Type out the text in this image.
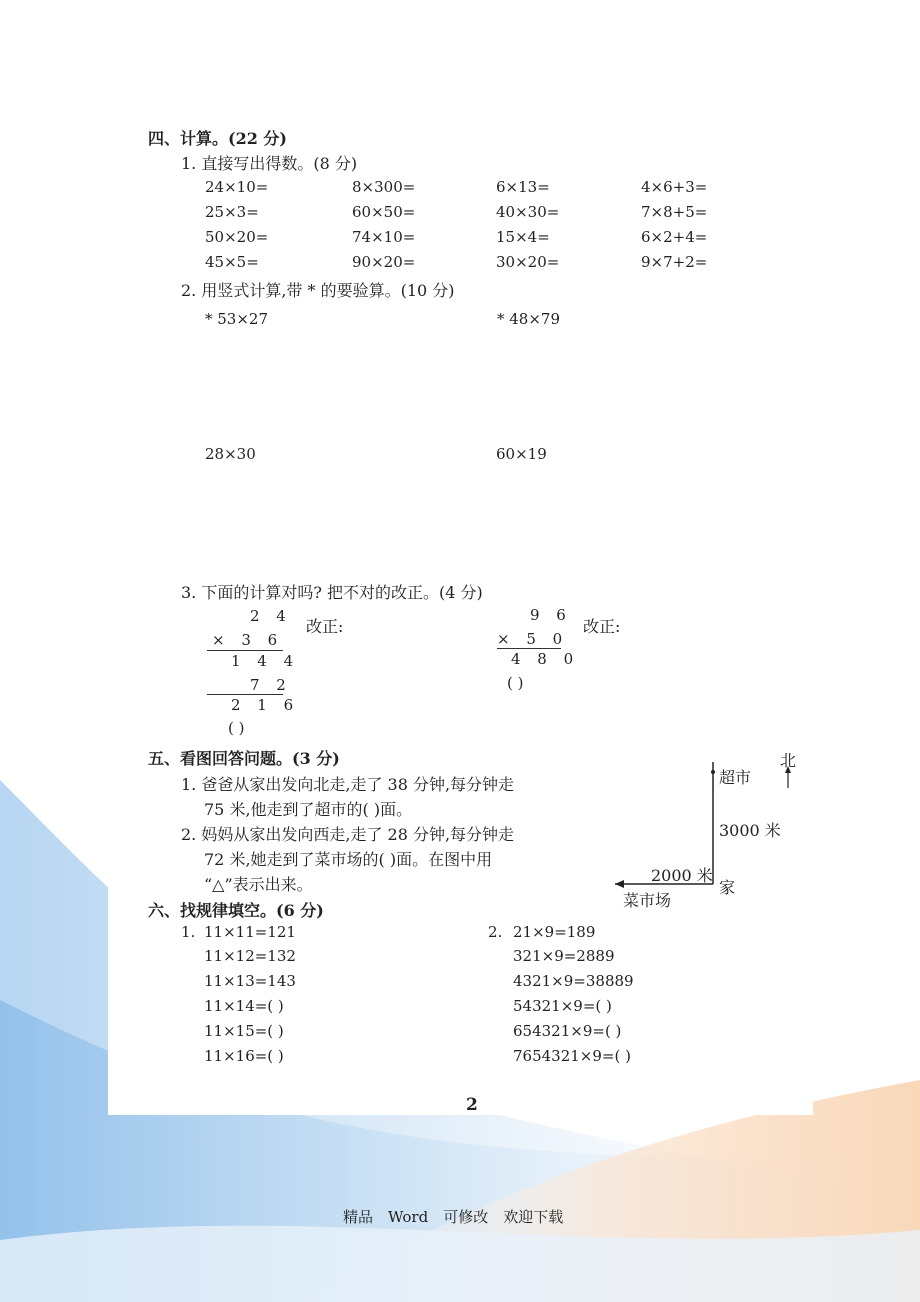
四、计算。(22 分)
1. 直接写出得数。(8 分)
24×10=	8×300=	6×13=	4×6+3=
25×3=	60×50=	40×30=	7×8+5=
50×20=	74×10=	15×4=	6×2+4=
45×5=	90×20=	30×20=	9×7+2=
2. 用竖式计算,带 * 的要验算。(10 分)
* 53×27	* 48×79
28×30	60×19
3. 下面的计算对吗? 把不对的改正。(4 分)
2 4
× 3 6
1 4 4
7 2
2 1 6
( )
改正:
9 6
× 5 0
4 8 0
( )
改正:
五、看图回答问题。(3 分)
1. 爸爸从家出发向北走,走了 38 分钟,每分钟走
75 米,他走到了超市的( )面。
2. 妈妈从家出发向西走,走了 28 分钟,每分钟走
72 米,她走到了菜市场的( )面。在图中用
“△”表示出来。
北
超市
3000 米
2000 米
家
菜市场
六、找规律填空。(6 分)
1. 11×11=121
11×12=132
11×13=143
11×14=( )
11×15=( )
11×16=( )
2. 21×9=189
321×9=2889
4321×9=38889
54321×9=( )
654321×9=( )
7654321×9=( )
2
精品　Word　可修改　欢迎下载
